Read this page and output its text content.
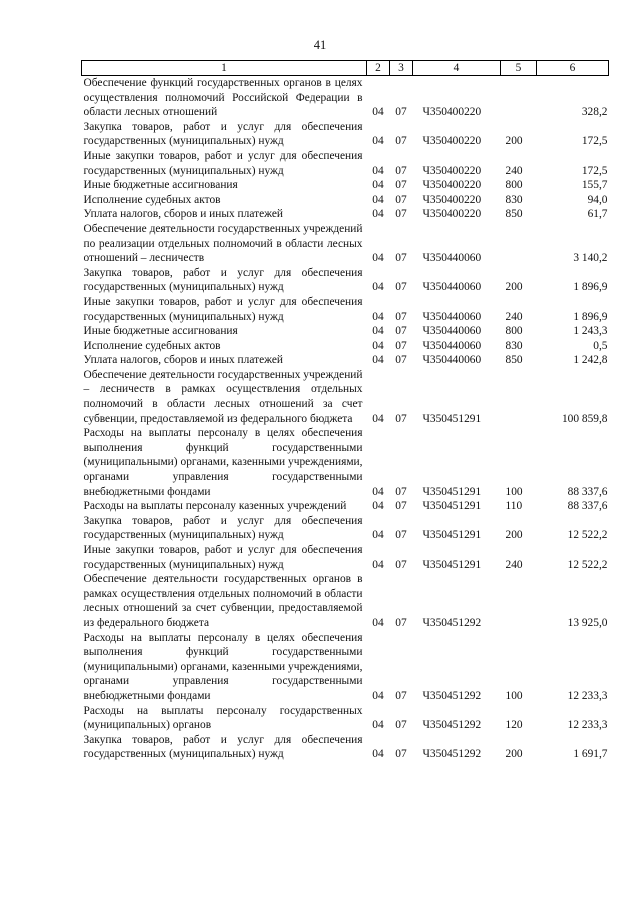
41
1	2	3	4	5	6
Обеспечение функций государственных органов в целях осуществления полномочий Российской Федерации в области лесных отношений	04	07	Ч350400220		328,2
Закупка товаров, работ и услуг для обеспечения государственных (муниципальных) нужд	04	07	Ч350400220	200	172,5
Иные закупки товаров, работ и услуг для обеспечения государственных (муниципальных) нужд	04	07	Ч350400220	240	172,5
Иные бюджетные ассигнования	04	07	Ч350400220	800	155,7
Исполнение судебных актов	04	07	Ч350400220	830	94,0
Уплата налогов, сборов и иных платежей	04	07	Ч350400220	850	61,7
Обеспечение деятельности государственных учреждений по реализации отдельных полномочий в области лесных отношений – лесничеств	04	07	Ч350440060		3 140,2
Закупка товаров, работ и услуг для обеспечения государственных (муниципальных) нужд	04	07	Ч350440060	200	1 896,9
Иные закупки товаров, работ и услуг для обеспечения государственных (муниципальных) нужд	04	07	Ч350440060	240	1 896,9
Иные бюджетные ассигнования	04	07	Ч350440060	800	1 243,3
Исполнение судебных актов	04	07	Ч350440060	830	0,5
Уплата налогов, сборов и иных платежей	04	07	Ч350440060	850	1 242,8
Обеспечение деятельности государственных учреждений – лесничеств в рамках осуществления отдельных полномочий в области лесных отношений за счет субвенции, предоставляемой из федерального бюджета	04	07	Ч350451291		100 859,8
Расходы на выплаты персоналу в целях обеспечения выполнения функций государственными (муниципальными) органами, казенными учреждениями, органами управления государственными внебюджетными фондами	04	07	Ч350451291	100	88 337,6
Расходы на выплаты персоналу казенных учреждений	04	07	Ч350451291	110	88 337,6
Закупка товаров, работ и услуг для обеспечения государственных (муниципальных) нужд	04	07	Ч350451291	200	12 522,2
Иные закупки товаров, работ и услуг для обеспечения государственных (муниципальных) нужд	04	07	Ч350451291	240	12 522,2
Обеспечение деятельности государственных органов в рамках осуществления отдельных полномочий в области лесных отношений за счет субвенции, предоставляемой из федерального бюджета	04	07	Ч350451292		13 925,0
Расходы на выплаты персоналу в целях обеспечения выполнения функций государственными (муниципальными) органами, казенными учреждениями, органами управления государственными внебюджетными фондами	04	07	Ч350451292	100	12 233,3
Расходы на выплаты персоналу государственных (муниципальных) органов	04	07	Ч350451292	120	12 233,3
Закупка товаров, работ и услуг для обеспечения государственных (муниципальных) нужд	04	07	Ч350451292	200	1 691,7
